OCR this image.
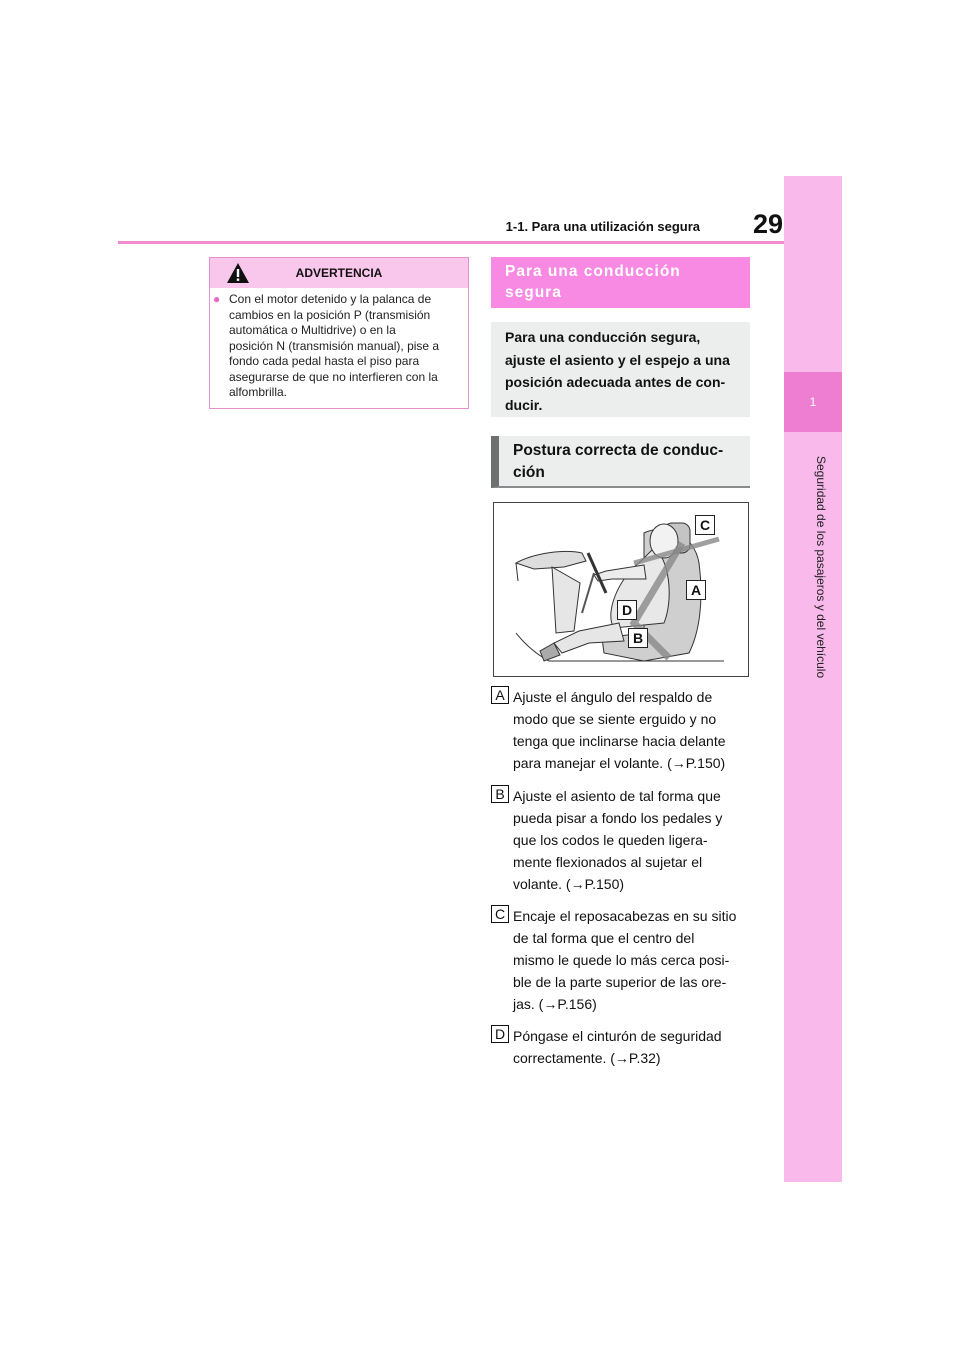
1-1. Para una utilización segura	29
1
Seguridad de los pasajeros y del vehículo
ADVERTENCIA
● Con el motor detenido y la palanca de
cambios en la posición P (transmisión
automática o Multidrive) o en la
posición N (transmisión manual), pise a
fondo cada pedal hasta el piso para
asegurarse de que no interfieren con la
alfombrilla.
Para una conducción
segura
Para una conducción segura,
ajuste el asiento y el espejo a una
posición adecuada antes de con-
ducir.
Postura correcta de conduc-
ción
C
A
D
B
A Ajuste el ángulo del respaldo de
modo que se siente erguido y no
tenga que inclinarse hacia delante
para manejar el volante. (→P.150)
B Ajuste el asiento de tal forma que
pueda pisar a fondo los pedales y
que los codos le queden ligera-
mente flexionados al sujetar el
volante. (→P.150)
C Encaje el reposacabezas en su sitio
de tal forma que el centro del
mismo le quede lo más cerca posi-
ble de la parte superior de las ore-
jas. (→P.156)
D Póngase el cinturón de seguridad
correctamente. (→P.32)
